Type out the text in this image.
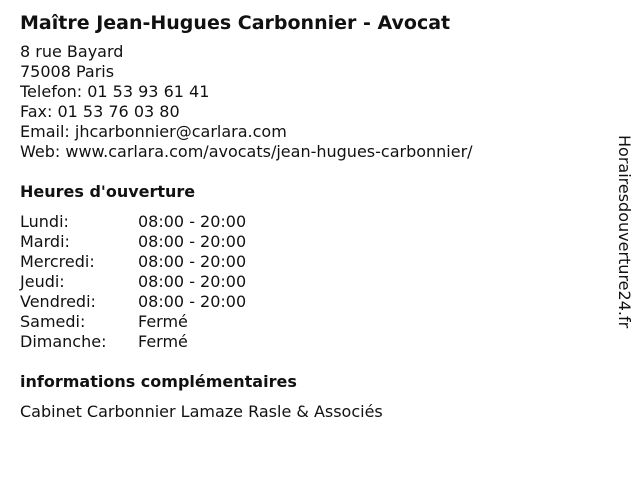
Maître Jean-Hugues Carbonnier - Avocat
8 rue Bayard
75008 Paris
Telefon: 01 53 93 61 41
Fax: 01 53 76 03 80
Email: jhcarbonnier@carlara.com
Web: www.carlara.com/avocats/jean-hugues-carbonnier/
Heures d'ouverture
Lundi:	08:00 - 20:00
Mardi:	08:00 - 20:00
Mercredi:	08:00 - 20:00
Jeudi:	08:00 - 20:00
Vendredi:	08:00 - 20:00
Samedi:	Fermé
Dimanche:	Fermé
informations complémentaires
Cabinet Carbonnier Lamaze Rasle & Associés
Horairesdouverture24.fr
